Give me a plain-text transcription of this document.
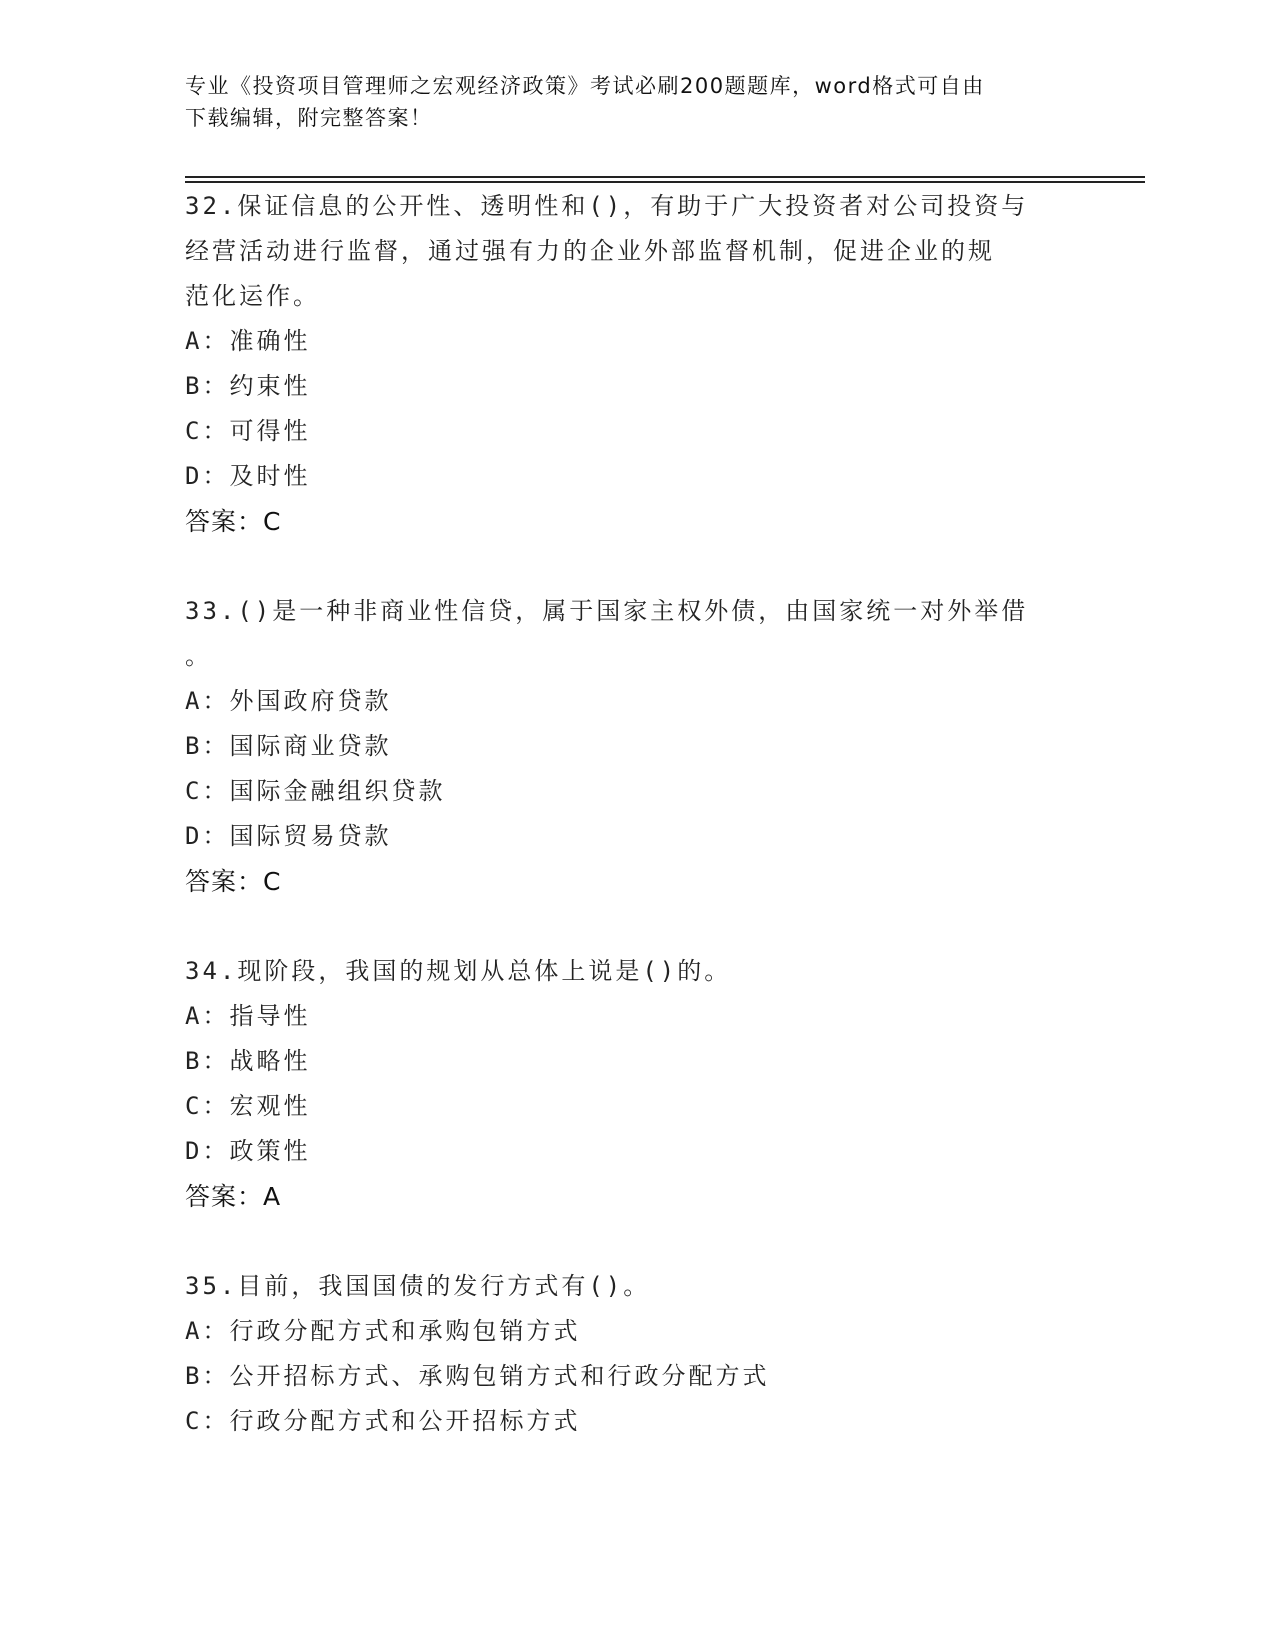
专业《投资项目管理师之宏观经济政策》考试必刷200题题库，word格式可自由
下载编辑，附完整答案！

32.保证信息的公开性、透明性和()，有助于广大投资者对公司投资与

经营活动进行监督，通过强有力的企业外部监督机制，促进企业的规

范化运作。

A：准确性

B：约束性

C：可得性

D：及时性

答案：C

33.()是一种非商业性信贷，属于国家主权外债，由国家统一对外举借

。

A：外国政府贷款

B：国际商业贷款

C：国际金融组织贷款

D：国际贸易贷款

答案：C

34.现阶段，我国的规划从总体上说是()的。

A：指导性

B：战略性

C：宏观性

D：政策性

答案：A

35.目前，我国国债的发行方式有()。

A：行政分配方式和承购包销方式

B：公开招标方式、承购包销方式和行政分配方式

C：行政分配方式和公开招标方式
